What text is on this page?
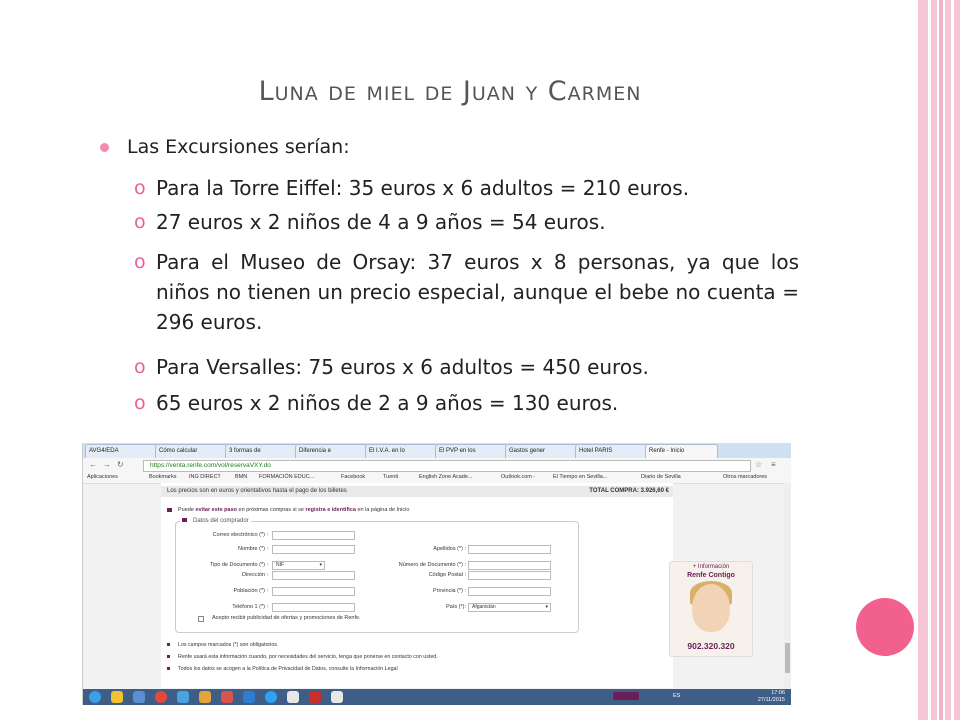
Luna de miel de Juan y Carmen
Las Excursiones serían:
o Para la Torre Eiffel: 35 euros x 6 adultos = 210 euros.
o 27 euros x 2 niños de 4 a 9 años = 54 euros.
o Para el Museo de Orsay: 37 euros x 8 personas, ya que los niños no tienen un precio especial, aunque el bebe no cuenta = 296 euros.
o Para Versalles: 75 euros x 6 adultos = 450 euros.
o 65 euros x 2 niños de 2 a 9 años = 130 euros.
AVG4/EDA	Cómo calcular	3 formas de	Diferencia e	El I.V.A. en lo	El PVP en los	Gastos gener	Hotel PARIS	Renfe - Inicio
← → ↻	https://venta.renfe.com/vol/reservaVXY.do	☆ ≡
Aplicaciones	Bookmarks ING DIRECT	BMN FORMACIÓN EDUC...	Facebook	Tuenti	English Zone Acade...	Outlook.com -	El Tiempo en Sevilla...	Diario de Sevilla	Otros marcadores
Los precios son en euros y orientativos hasta el pago de los billetes	TOTAL COMPRA: 3.926,60 €
Puede evitar este paso en próximas compras si se registra e identifica en la página de Inicio
Datos del comprador
Correo electrónico (*) :
Nombre (*) :	Apellidos (*) :
Tipo de Documento (*) :	NIF ▾	Número de Documento (*) :
Dirección :	Código Postal :
Población (*) :	Provincia (*) :
Teléfono 1 (*) :	País (*):	Afganistán ▾
Acepto recibir publicidad de ofertas y promociones de Renfe.
+ Información
Renfe Contigo
902.320.320
Los campos marcados (*) son obligatorios.
Renfe usará esta información cuando, por necesidades del servicio, tenga que ponerse en contacto con usted.
Todos los datos se acogen a la Política de Privacidad de Datos, consulte la Información Legal
ES	17:06
27/11/2015
